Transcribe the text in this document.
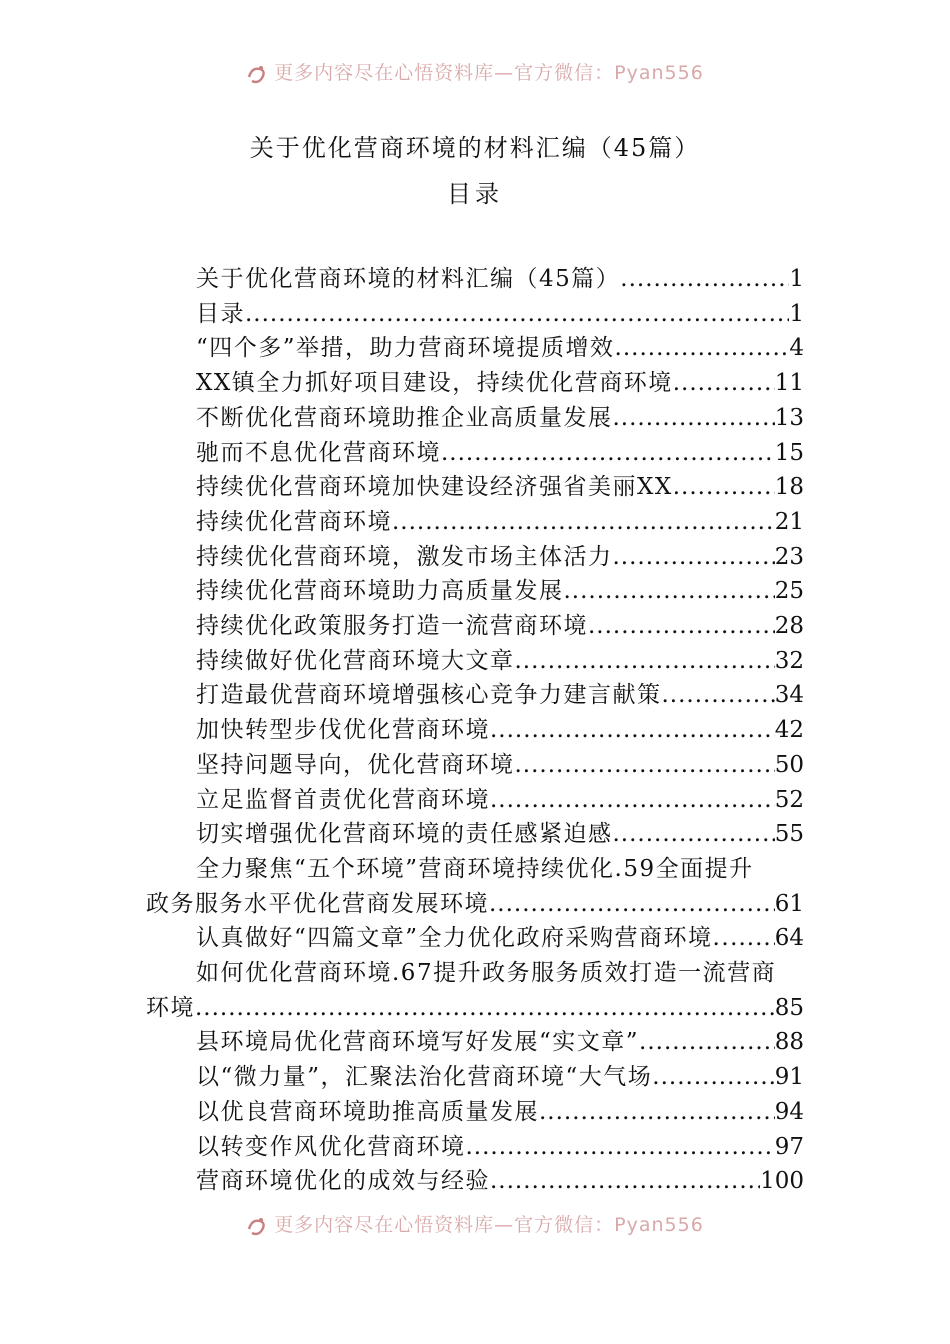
更多内容尽在心悟资料库—官方微信：Pyan556
关于优化营商环境的材料汇编（45篇）
目录
关于优化营商环境的材料汇编（45篇） .....	1
目录 .....	1
“四个多”举措，助力营商环境提质增效 .....	4
XX镇全力抓好项目建设，持续优化营商环境 .....	11
不断优化营商环境助推企业高质量发展 .....	13
驰而不息优化营商环境 .....	15
持续优化营商环境加快建设经济强省美丽XX .....	18
持续优化营商环境 .....	21
持续优化营商环境，激发市场主体活力 .....	23
持续优化营商环境助力高质量发展 .....	25
持续优化政策服务打造一流营商环境 .....	28
持续做好优化营商环境大文章 .....	32
打造最优营商环境增强核心竞争力建言献策 .....	34
加快转型步伐优化营商环境 .....	42
坚持问题导向，优化营商环境 .....	50
立足监督首责优化营商环境 .....	52
切实增强优化营商环境的责任感紧迫感 .....	55
全力聚焦“五个环境”营商环境持续优化.59全面提升
政务服务水平优化营商发展环境 .....	61
认真做好“四篇文章”全力优化政府采购营商环境.. ..... 64
如何优化营商环境.67提升政务服务质效打造一流营商
环境 .....	85
县环境局优化营商环境写好发展“实文章” .....	88
以“微力量”，汇聚法治化营商环境“大气场 .....	91
以优良营商环境助推高质量发展 .....	94
以转变作风优化营商环境 .....	97
营商环境优化的成效与经验 .....	100
更多内容尽在心悟资料库—官方微信：Pyan556
